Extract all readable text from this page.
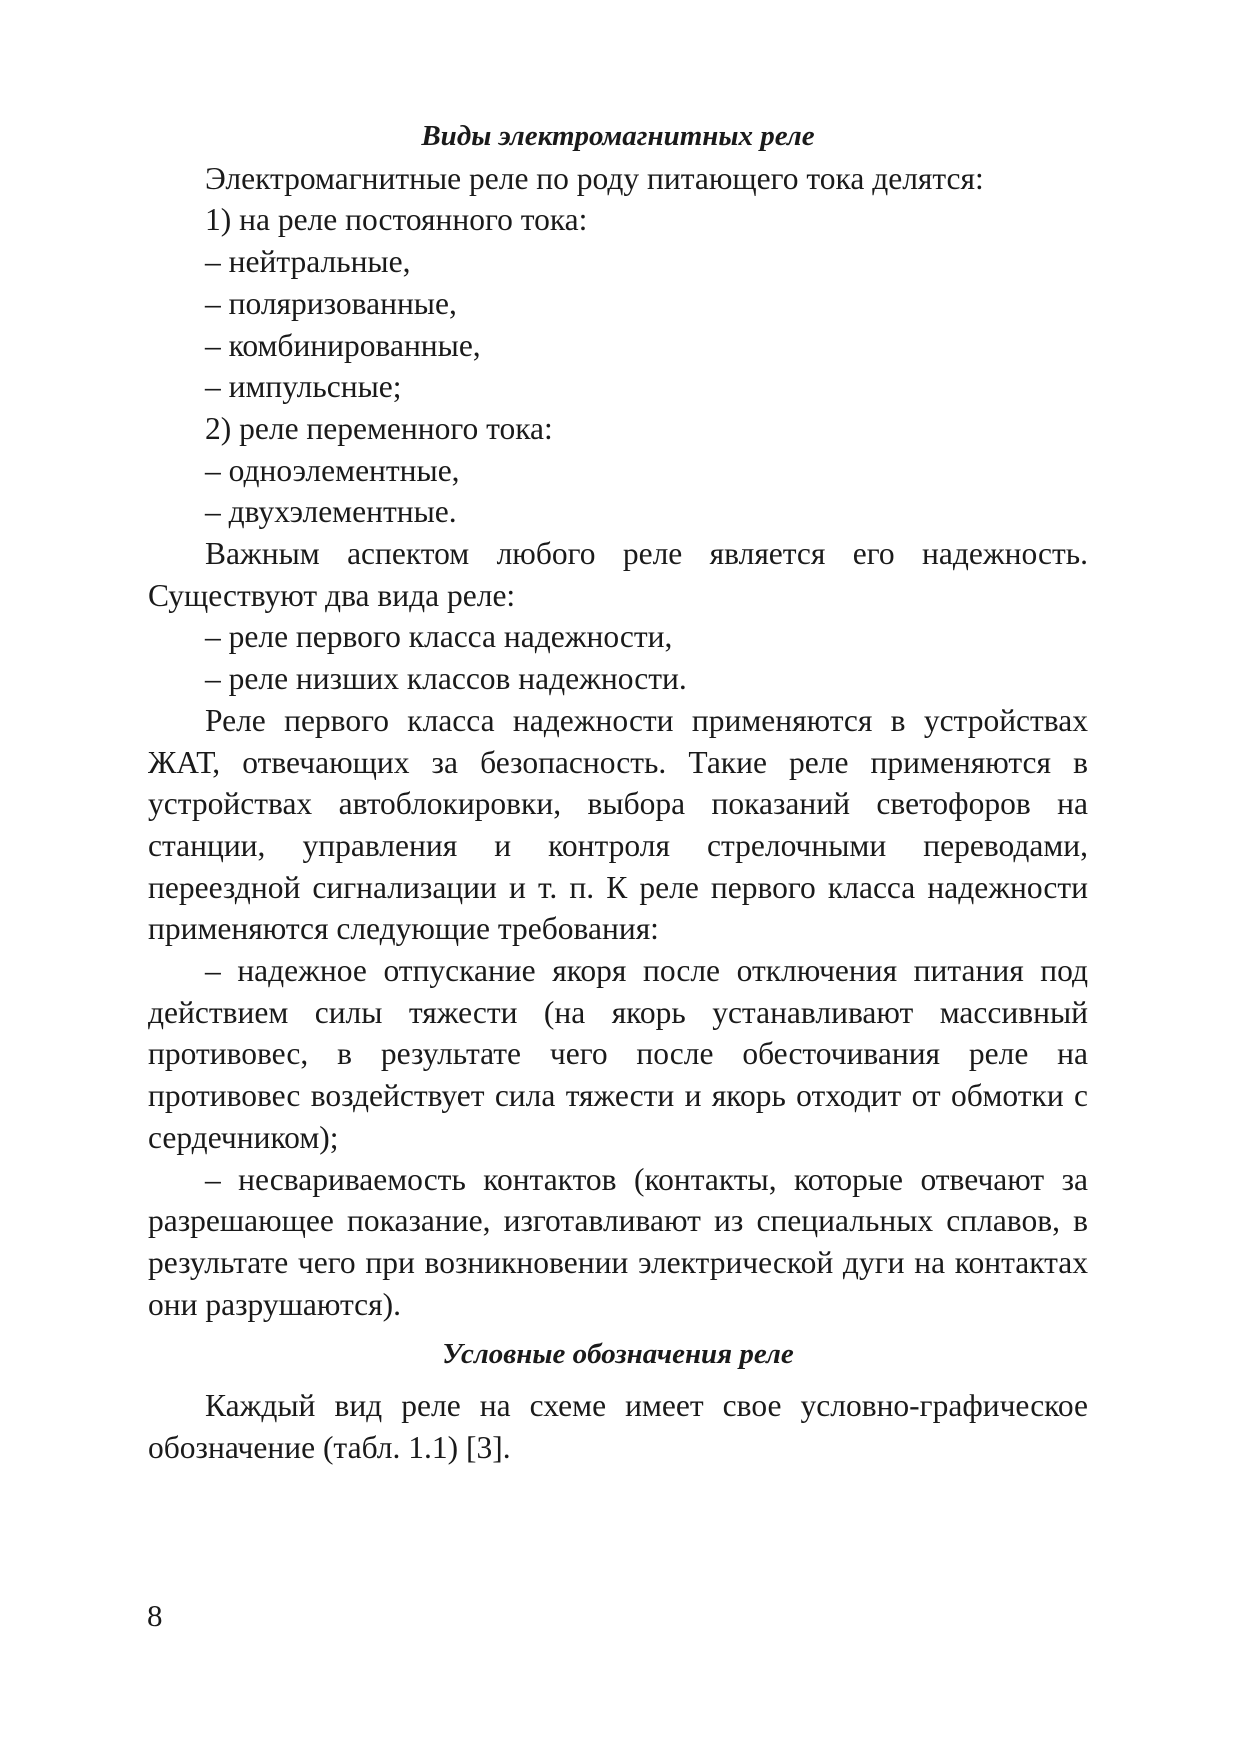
Виды электромагнитных реле
Электромагнитные реле по роду питающего тока делятся:
1) на реле постоянного тока:
– нейтральные,
– поляризованные,
– комбинированные,
– импульсные;
2) реле переменного тока:
– одноэлементные,
– двухэлементные.
Важным аспектом любого реле является его надежность. Существуют два вида реле:
– реле первого класса надежности,
– реле низших классов надежности.
Реле первого класса надежности применяются в устройствах ЖАТ, отвечающих за безопасность. Такие реле применяются в устройствах автоблокировки, выбора показаний светофоров на станции, управления и контроля стрелочными переводами, переездной сигнализации и т. п. К реле первого класса надежности применяются следующие требования:
– надежное отпускание якоря после отключения питания под действием силы тяжести (на якорь устанавливают массивный противовес, в результате чего после обесточивания реле на противовес воздействует сила тяжести и якорь отходит от обмотки с сердечником);
– несвариваемость контактов (контакты, которые отвечают за разрешающее показание, изготавливают из специальных сплавов, в результате чего при возникновении электрической дуги на контактах они разрушаются).
Условные обозначения реле
Каждый вид реле на схеме имеет свое условно-графическое обозначение (табл. 1.1) [3].
8
